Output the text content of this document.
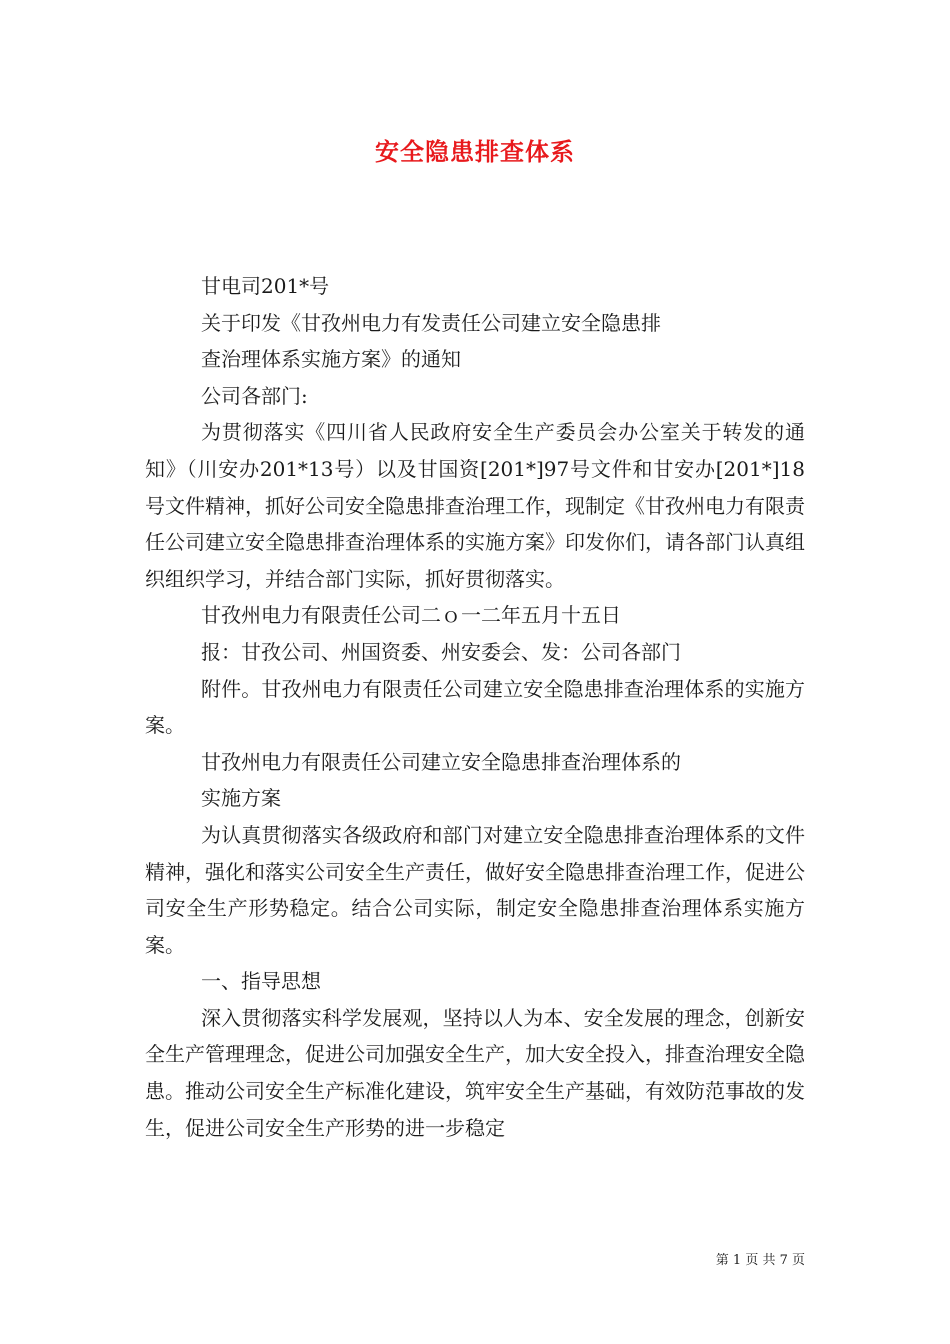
安全隐患排查体系

甘电司201*号

关于印发《甘孜州电力有发责任公司建立安全隐患排

查治理体系实施方案》的通知

公司各部门:

为贯彻落实《四川省人民政府安全生产委员会办公室关于转发的通知》（川安办201*13号）以及甘国资[201*]97号文件和甘安办[201*]18号文件精神，抓好公司安全隐患排查治理工作，现制定《甘孜州电力有限责任公司建立安全隐患排查治理体系的实施方案》印发你们，请各部门认真组织组织学习，并结合部门实际，抓好贯彻落实。

甘孜州电力有限责任公司二ｏ一二年五月十五日

报：甘孜公司、州国资委、州安委会、发：公司各部门

附件。甘孜州电力有限责任公司建立安全隐患排查治理体系的实施方案。

甘孜州电力有限责任公司建立安全隐患排查治理体系的

实施方案

为认真贯彻落实各级政府和部门对建立安全隐患排查治理体系的文件精神，强化和落实公司安全生产责任，做好安全隐患排查治理工作，促进公司安全生产形势稳定。结合公司实际，制定安全隐患排查治理体系实施方案。

一、指导思想

深入贯彻落实科学发展观，坚持以人为本、安全发展的理念，创新安全生产管理理念，促进公司加强安全生产，加大安全投入，排查治理安全隐患。推动公司安全生产标准化建设，筑牢安全生产基础，有效防范事故的发生，促进公司安全生产形势的进一步稳定

第 1 页 共 7 页
